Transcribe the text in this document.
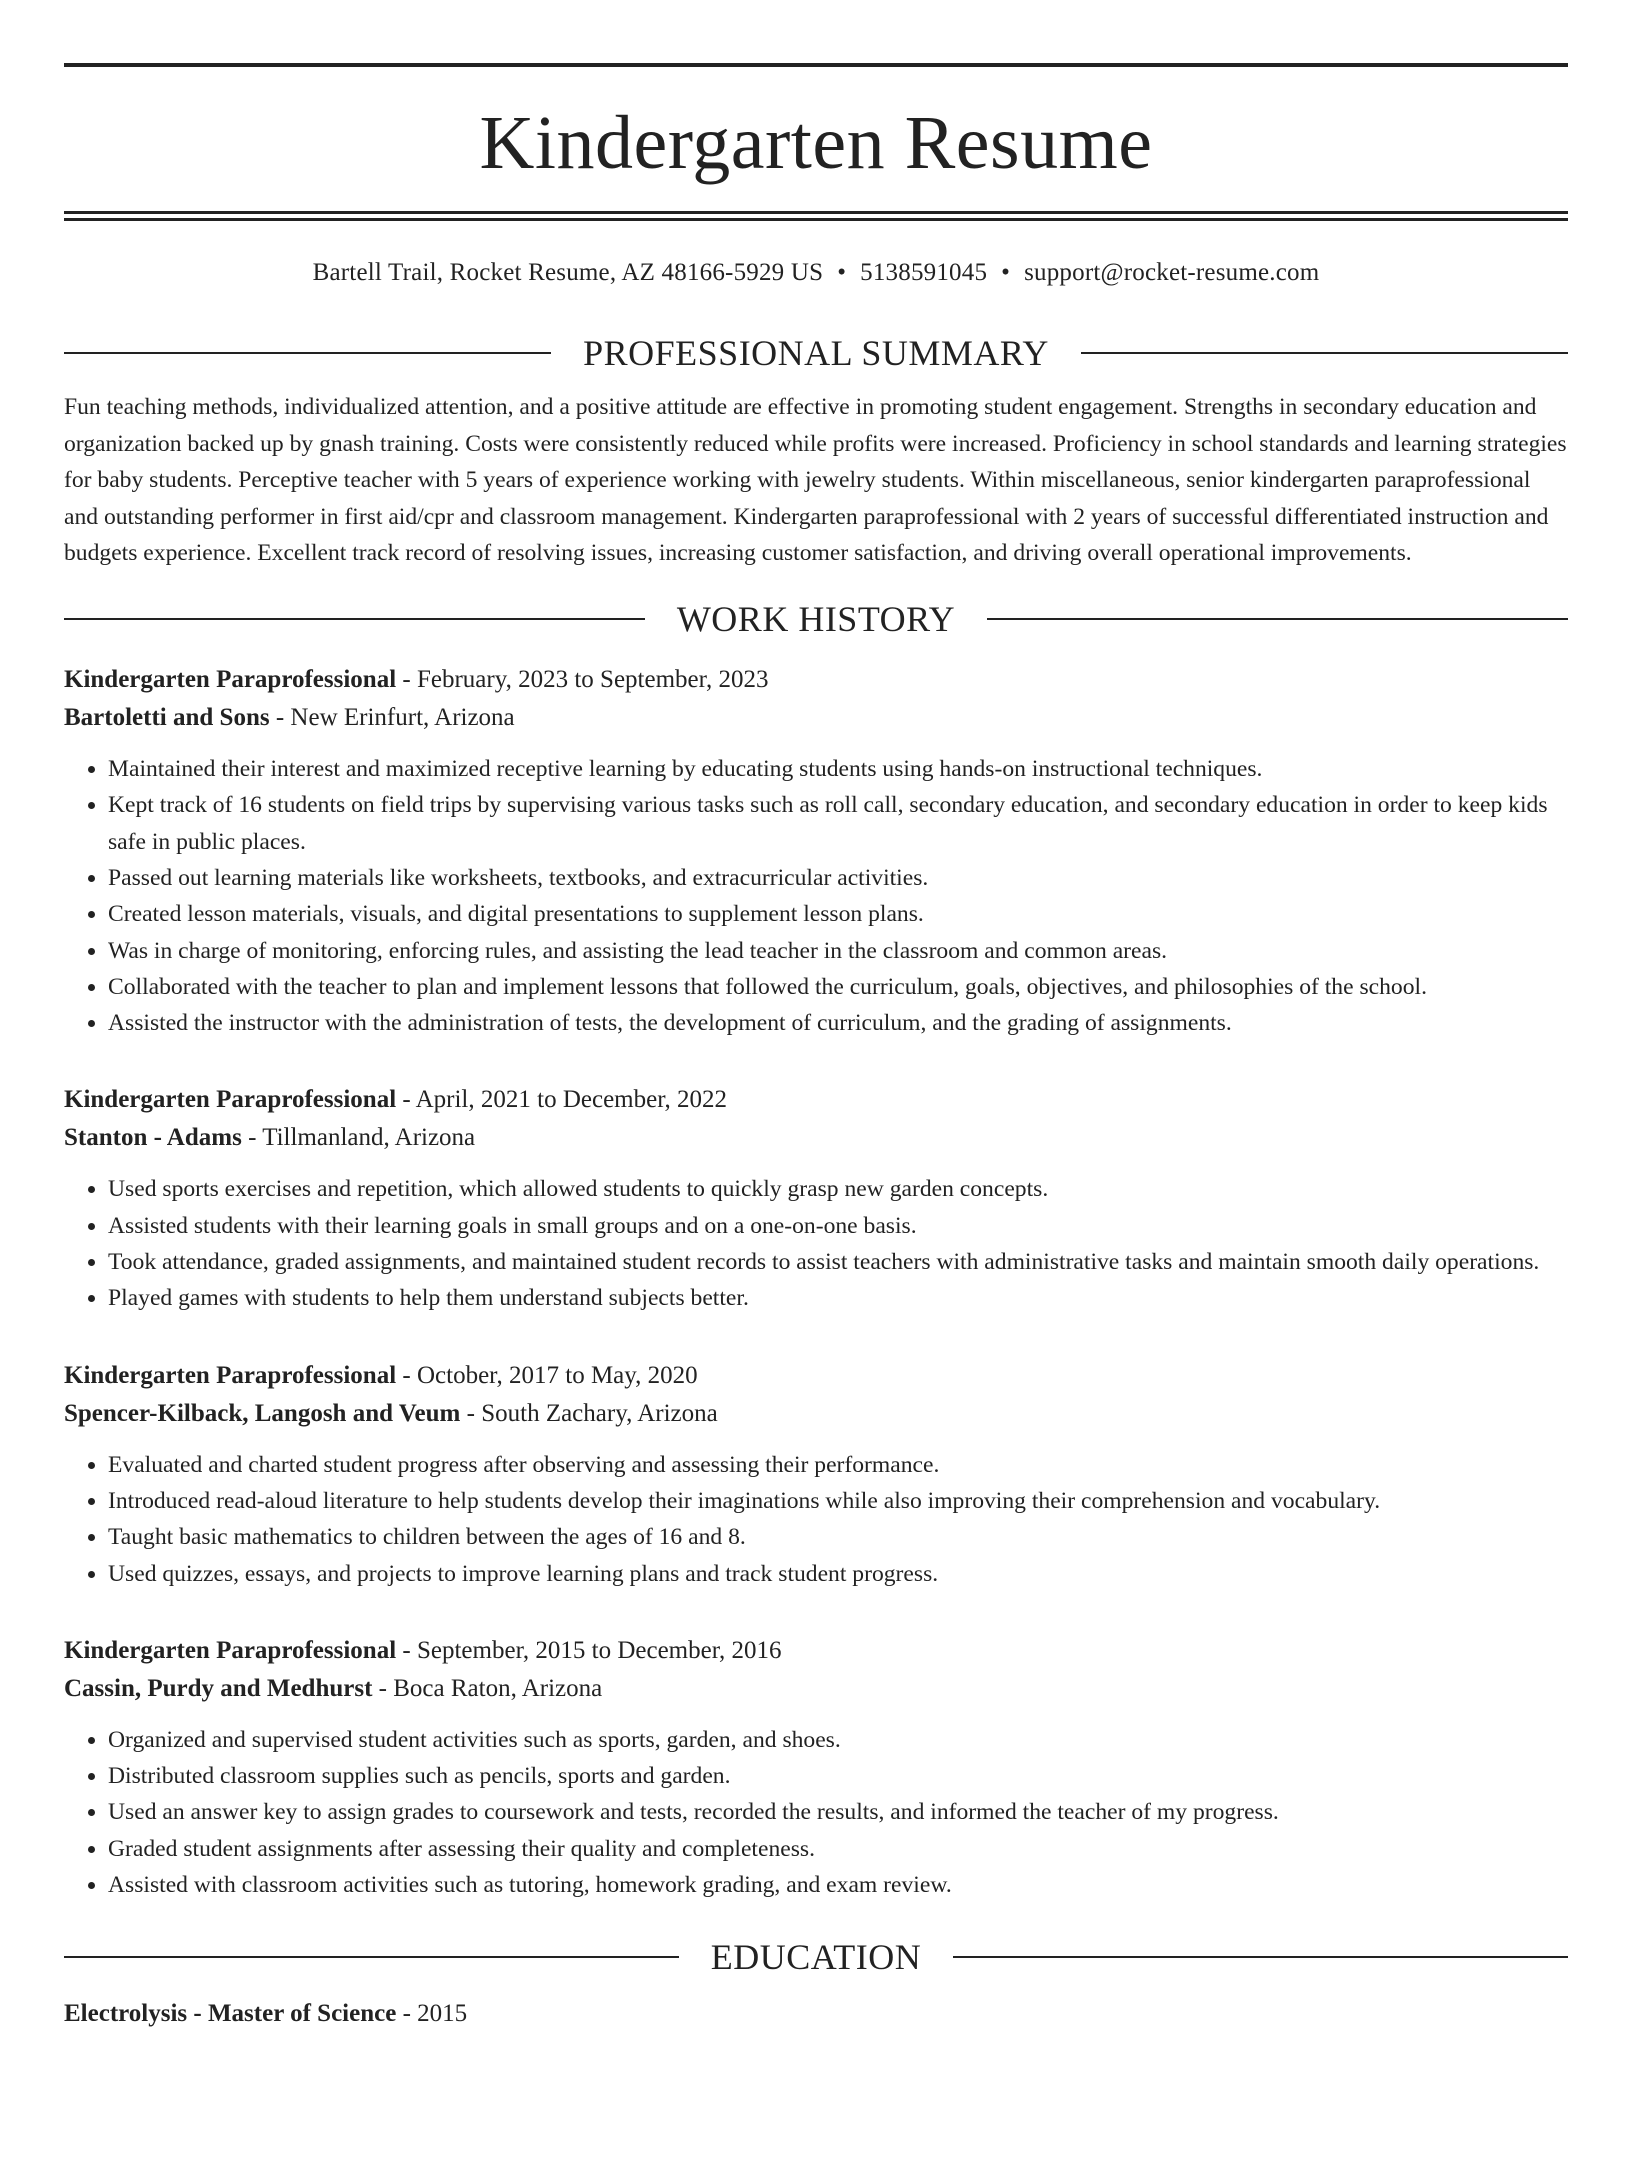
Kindergarten Resume
Bartell Trail, Rocket Resume, AZ 48166-5929 US • 5138591045 • support@rocket-resume.com
PROFESSIONAL SUMMARY

Fun teaching methods, individualized attention, and a positive attitude are effective in promoting student engagement. Strengths in secondary education and organization backed up by gnash training. Costs were consistently reduced while profits were increased. Proficiency in school standards and learning strategies for baby students. Perceptive teacher with 5 years of experience working with jewelry students. Within miscellaneous, senior kindergarten paraprofessional and outstanding performer in first aid/cpr and classroom management. Kindergarten paraprofessional with 2 years of successful differentiated instruction and budgets experience. Excellent track record of resolving issues, increasing customer satisfaction, and driving overall operational improvements.

WORK HISTORY
Kindergarten Paraprofessional - February, 2023 to September, 2023
Bartoletti and Sons - New Erinfurt, Arizona
• Maintained their interest and maximized receptive learning by educating students using hands-on instructional techniques.
• Kept track of 16 students on field trips by supervising various tasks such as roll call, secondary education, and secondary education in order to keep kids safe in public places.
• Passed out learning materials like worksheets, textbooks, and extracurricular activities.
• Created lesson materials, visuals, and digital presentations to supplement lesson plans.
• Was in charge of monitoring, enforcing rules, and assisting the lead teacher in the classroom and common areas.
• Collaborated with the teacher to plan and implement lessons that followed the curriculum, goals, objectives, and philosophies of the school.
• Assisted the instructor with the administration of tests, the development of curriculum, and the grading of assignments.
Kindergarten Paraprofessional - April, 2021 to December, 2022
Stanton - Adams - Tillmanland, Arizona
• Used sports exercises and repetition, which allowed students to quickly grasp new garden concepts.
• Assisted students with their learning goals in small groups and on a one-on-one basis.
• Took attendance, graded assignments, and maintained student records to assist teachers with administrative tasks and maintain smooth daily operations.
• Played games with students to help them understand subjects better.
Kindergarten Paraprofessional - October, 2017 to May, 2020
Spencer-Kilback, Langosh and Veum - South Zachary, Arizona
• Evaluated and charted student progress after observing and assessing their performance.
• Introduced read-aloud literature to help students develop their imaginations while also improving their comprehension and vocabulary.
• Taught basic mathematics to children between the ages of 16 and 8.
• Used quizzes, essays, and projects to improve learning plans and track student progress.
Kindergarten Paraprofessional - September, 2015 to December, 2016
Cassin, Purdy and Medhurst - Boca Raton, Arizona
• Organized and supervised student activities such as sports, garden, and shoes.
• Distributed classroom supplies such as pencils, sports and garden.
• Used an answer key to assign grades to coursework and tests, recorded the results, and informed the teacher of my progress.
• Graded student assignments after assessing their quality and completeness.
• Assisted with classroom activities such as tutoring, homework grading, and exam review.
EDUCATION
Electrolysis - Master of Science - 2015
